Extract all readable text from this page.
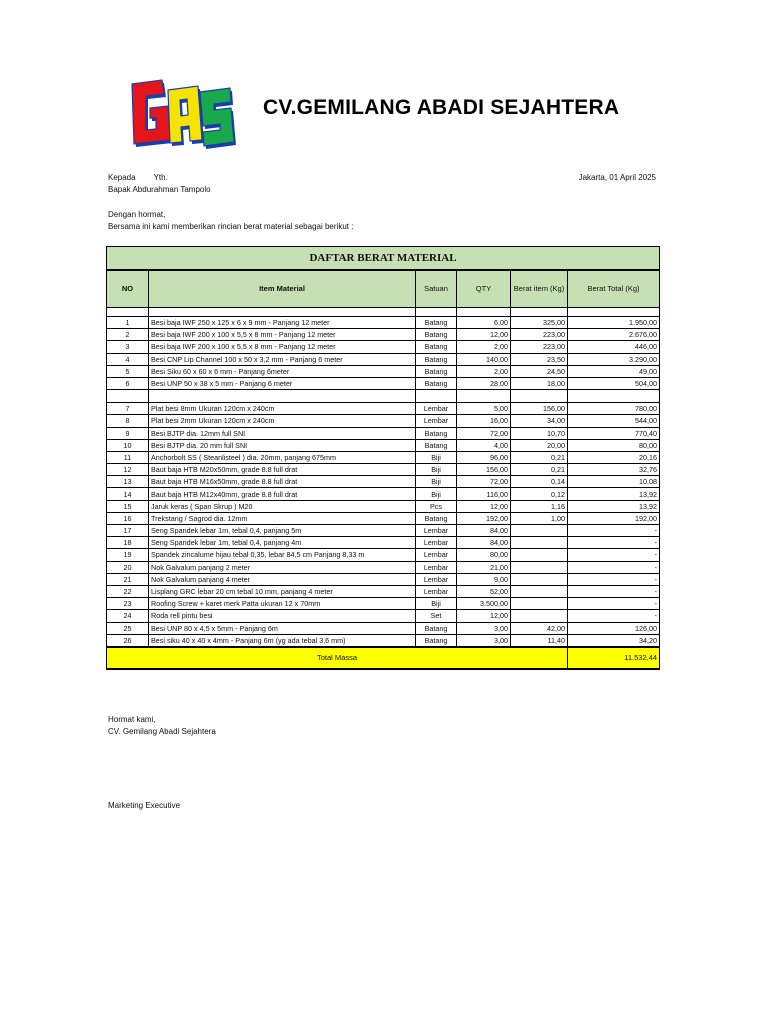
CV.GEMILANG ABADI SEJAHTERA
Kepada Yth.
Bapak Abdurahman Tampolo
Jakarta, 01 April 2025
Dengan hormat,
Bersama ini kami memberikan rincian berat material sebagai berikut :
DAFTAR BERAT MATERIAL					
NO	Item Material	Satuan	QTY	Berat item (Kg)	Berat Total (Kg)

1	Besi baja IWF 250 x 125 x 6 x 9 mm - Panjang 12 meter	Batang	6,00	325,00	1.950,00
2	Besi baja IWF 200 x 100 x 5,5 x 8 mm - Panjang 12 meter	Batang	12,00	223,00	2.676,00
3	Besi baja IWF 200 x 100 x 5,5 x 8 mm - Panjang 12 meter	Batang	2,00	223,00	446,00
4	Besi CNP Lip Channel 100 x 50 x 3,2 mm - Panjang 6 meter	Batang	140,00	23,50	3.290,00
5	Besi Siku 60 x 60 x 6 mm - Panjang 6meter	Batang	2,00	24,50	49,00
6	Besi UNP 50 x 38 x 5 mm - Panjang 6 meter	Batang	28,00	18,00	504,00

7	Plat besi 8mm Ukuran 120cm x 240cm	Lembar	5,00	156,00	780,00
8	Plat besi 2mm Ukuran 120cm x 240cm	Lembar	16,00	34,00	544,00
9	Besi BJTP dia. 12mm full SNI	Batang	72,00	10,70	770,40
10	Besi BJTP dia. 20 mm full SNI	Batang	4,00	20,00	80,00
11	Anchorbolt SS ( Steanlisteel ) dia. 20mm, panjang 675mm	Biji	96,00	0,21	20,16
12	Baut baja HTB M20x50mm, grade 8.8 full drat	Biji	156,00	0,21	32,76
13	Baut baja HTB M16x50mm, grade 8.8 full drat	Biji	72,00	0,14	10,08
14	Baut baja HTB M12x40mm, grade 8.8 full drat	Biji	116,00	0,12	13,92
15	Jaruk keras ( Span Skrup ) M20	Pcs	12,00	1,16	13,92
16	Trekstang / Sagrod dia. 12mm	Batang	192,00	1,00	192,00
17	Seng Spandek lebar 1m, tebal 0,4, panjang 5m	Lembar	84,00		-
18	Seng Spandek lebar 1m, tebal 0,4, panjang 4m	Lembar	84,00		-
19	Spandek zincalume hijau tebal 0,35, lebar 84,5 cm Panjang 8,33 m	Lembar	80,00		-
20	Nok Galvalum panjang 2 meter	Lembar	21,00		-
21	Nok Galvalum panjang 4 meter	Lembar	9,00		-
22	Lisplang GRC lebar 20 cm tebal 10 mm, panjang 4 meter	Lembar	52,00		-
23	Roofing Screw + karet merk Patta ukuran 12 x 70mm	Biji	3.500,00		-
24	Roda rell pintu besi	Set	12,00		-
25	Besi UNP 80 x 4,5 x 5mm - Panjang 6m	Batang	3,00	42,00	126,00
26	Besi siku 40 x 40 x 4mm - Panjang 6m (yg ada tebal 3,6 mm)	Batang	3,00	11,40	34,20
Total Massa					11.532,44
Hormat kami,
CV. Gemilang Abadi Sejahtera
Marketing Executive
